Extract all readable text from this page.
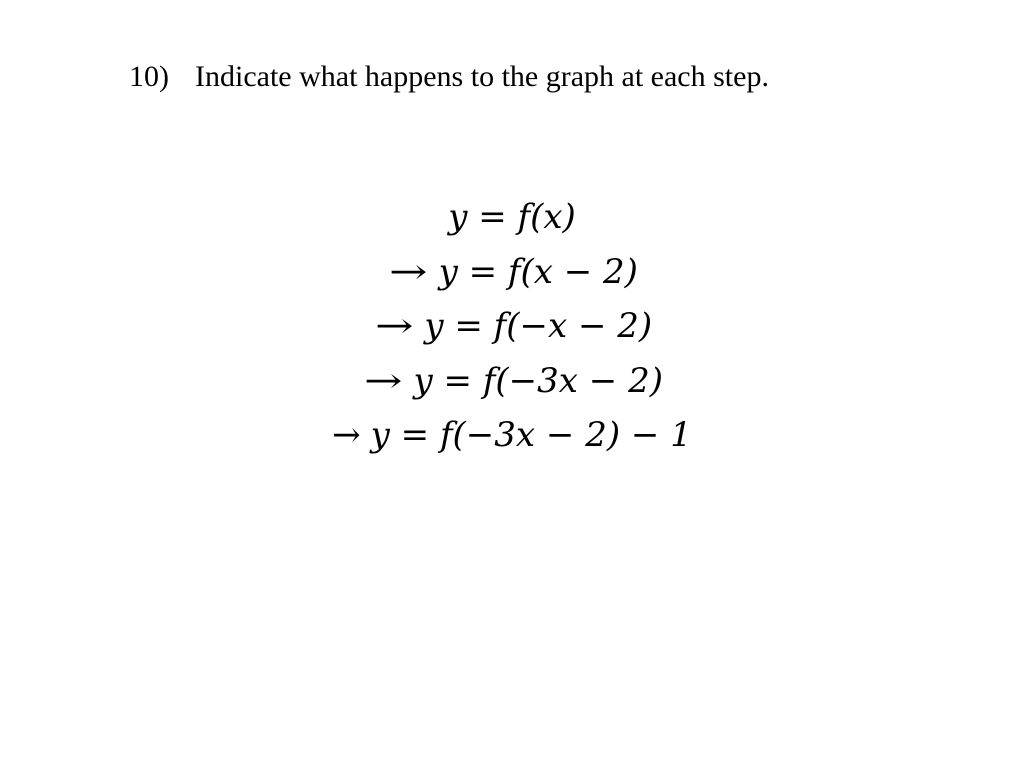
10) Indicate what happens to the graph at each step.
y = f(x)
→ y = f(x − 2)
→ y = f(−x − 2)
→ y = f(−3x − 2)
→ y = f(−3x − 2) − 1
